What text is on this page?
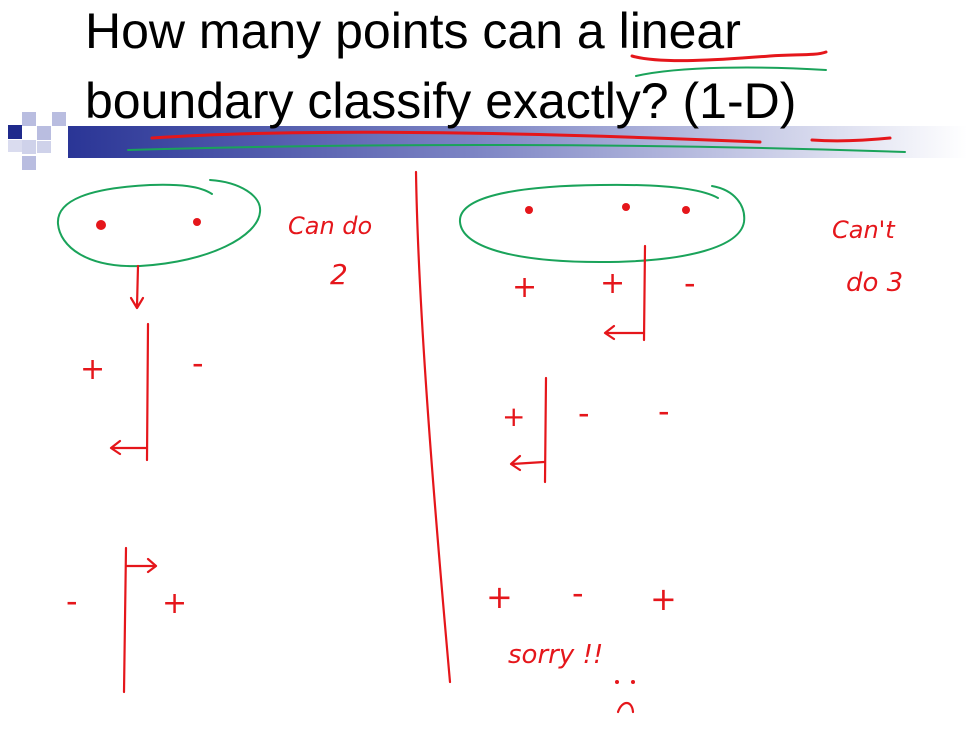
How many points can a linear
boundary classify exactly? (1-D)
Can do
2
Can't
do 3
+	-
-	+
+ + -
+ - -
+ - +
sorry !!
